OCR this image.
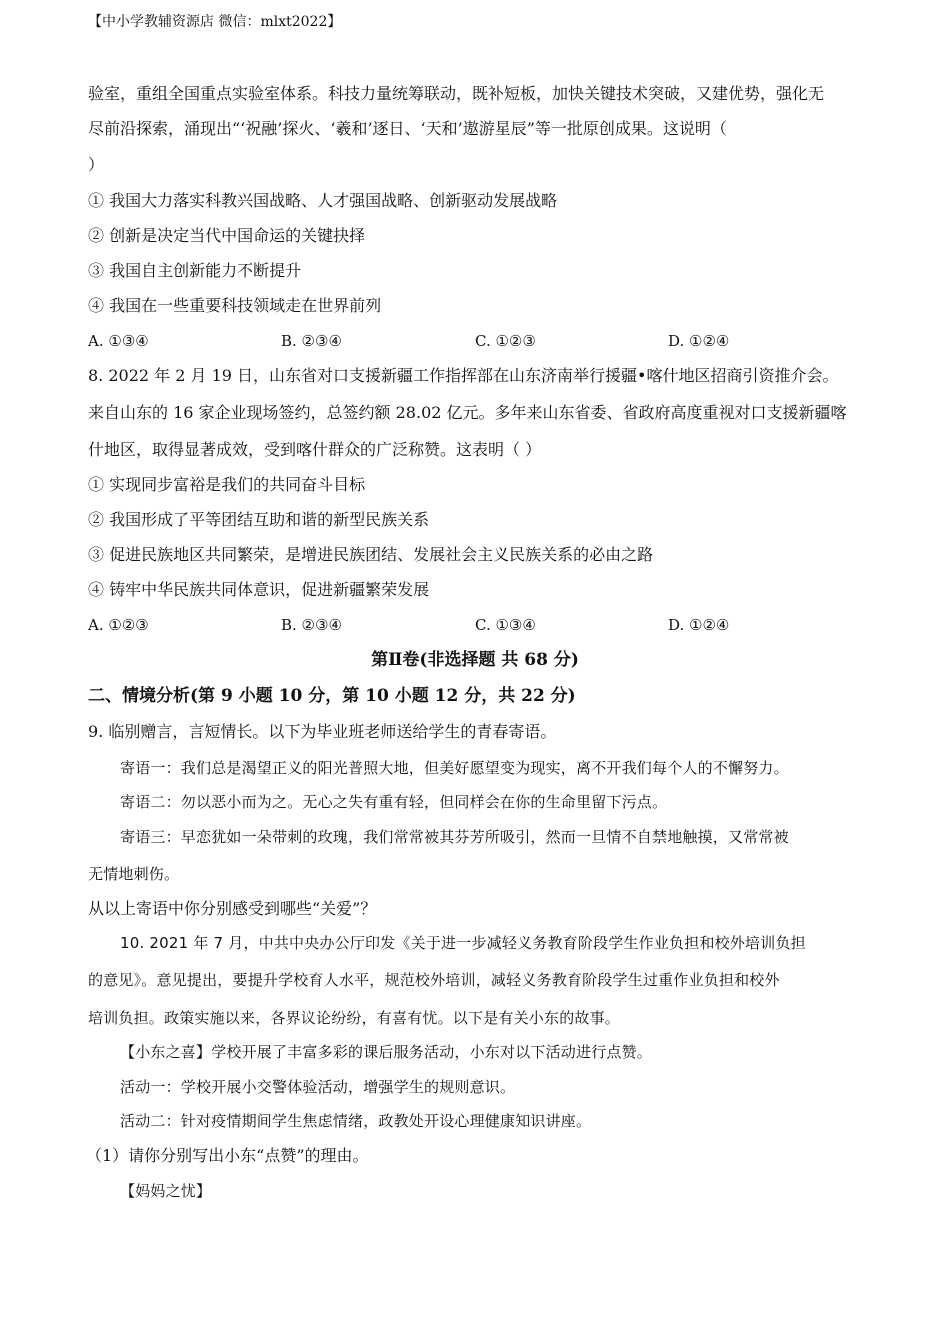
【中小学教辅资源店 微信：mlxt2022】
验室，重组全国重点实验室体系。科技力量统筹联动，既补短板，加快关键技术突破，又建优势，强化无
尽前沿探索，涌现出“‘祝融’探火、‘羲和’逐日、‘天和’遨游星辰”等一批原创成果。这说明（
）
① 我国大力落实科教兴国战略、人才强国战略、创新驱动发展战略
② 创新是决定当代中国命运的关键抉择
③ 我国自主创新能力不断提升
④ 我国在一些重要科技领域走在世界前列
A. ①③④	B. ②③④	C. ①②③	D. ①②④
8. 2022 年 2 月 19 日，山东省对口支援新疆工作指挥部在山东济南举行援疆•喀什地区招商引资推介会。
来自山东的 16 家企业现场签约，总签约额 28.02 亿元。多年来山东省委、省政府高度重视对口支援新疆喀
什地区，取得显著成效，受到喀什群众的广泛称赞。这表明（ ）
① 实现同步富裕是我们的共同奋斗目标
② 我国形成了平等团结互助和谐的新型民族关系
③ 促进民族地区共同繁荣，是增进民族团结、发展社会主义民族关系的必由之路
④ 铸牢中华民族共同体意识，促进新疆繁荣发展
A. ①②③	B. ②③④	C. ①③④	D. ①②④
第Ⅱ卷(非选择题 共 68 分)
二、情境分析(第 9 小题 10 分，第 10 小题 12 分，共 22 分)
9. 临别赠言，言短情长。以下为毕业班老师送给学生的青春寄语。
寄语一：我们总是渴望正义的阳光普照大地，但美好愿望变为现实，离不开我们每个人的不懈努力。
寄语二：勿以恶小而为之。无心之失有重有轻，但同样会在你的生命里留下污点。
寄语三：早恋犹如一朵带刺的玫瑰，我们常常被其芬芳所吸引，然而一旦情不自禁地触摸，又常常被
无情地刺伤。
从以上寄语中你分别感受到哪些“关爱”？
10. 2021 年 7 月，中共中央办公厅印发《关于进一步减轻义务教育阶段学生作业负担和校外培训负担
的意见》。意见提出，要提升学校育人水平，规范校外培训，减轻义务教育阶段学生过重作业负担和校外
培训负担。政策实施以来，各界议论纷纷，有喜有忧。以下是有关小东的故事。
【小东之喜】学校开展了丰富多彩的课后服务活动，小东对以下活动进行点赞。
活动一：学校开展小交警体验活动，增强学生的规则意识。
活动二：针对疫情期间学生焦虑情绪，政教处开设心理健康知识讲座。
（1）请你分别写出小东“点赞”的理由。
【妈妈之忧】
